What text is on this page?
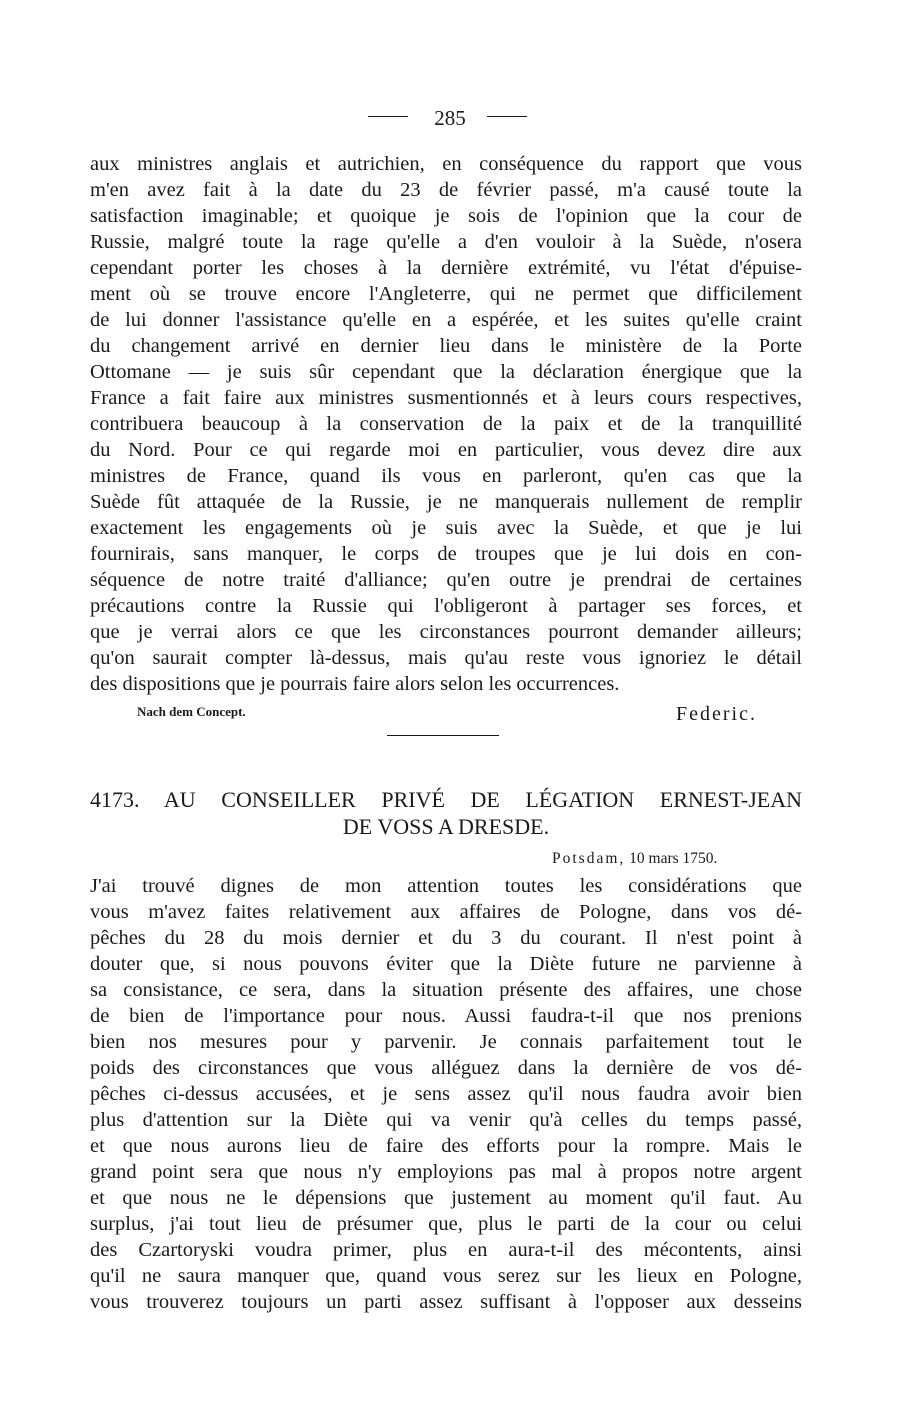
285
aux ministres anglais et autrichien, en conséquence du rapport que vous
m'en avez fait à la date du 23 de février passé, m'a causé toute la
satisfaction imaginable; et quoique je sois de l'opinion que la cour de
Russie, malgré toute la rage qu'elle a d'en vouloir à la Suède, n'osera
cependant porter les choses à la dernière extrémité, vu l'état d'épuise-
ment où se trouve encore l'Angleterre, qui ne permet que difficilement
de lui donner l'assistance qu'elle en a espérée, et les suites qu'elle craint
du changement arrivé en dernier lieu dans le ministère de la Porte
Ottomane — je suis sûr cependant que la déclaration énergique que la
France a fait faire aux ministres susmentionnés et à leurs cours respectives,
contribuera beaucoup à la conservation de la paix et de la tranquillité
du Nord. Pour ce qui regarde moi en particulier, vous devez dire aux
ministres de France, quand ils vous en parleront, qu'en cas que la
Suède fût attaquée de la Russie, je ne manquerais nullement de remplir
exactement les engagements où je suis avec la Suède, et que je lui
fournirais, sans manquer, le corps de troupes que je lui dois en con-
séquence de notre traité d'alliance; qu'en outre je prendrai de certaines
précautions contre la Russie qui l'obligeront à partager ses forces, et
que je verrai alors ce que les circonstances pourront demander ailleurs;
qu'on saurait compter là-dessus, mais qu'au reste vous ignoriez le détail
des dispositions que je pourrais faire alors selon les occurrences.
Nach dem Concept.	Federic.
4173. AU CONSEILLER PRIVÉ DE LÉGATION ERNEST-JEAN
DE VOSS A DRESDE.
Potsdam, 10 mars 1750.
J'ai trouvé dignes de mon attention toutes les considérations que
vous m'avez faites relativement aux affaires de Pologne, dans vos dé-
pêches du 28 du mois dernier et du 3 du courant. Il n'est point à
douter que, si nous pouvons éviter que la Diète future ne parvienne à
sa consistance, ce sera, dans la situation présente des affaires, une chose
de bien de l'importance pour nous. Aussi faudra-t-il que nos prenions
bien nos mesures pour y parvenir. Je connais parfaitement tout le
poids des circonstances que vous alléguez dans la dernière de vos dé-
pêches ci-dessus accusées, et je sens assez qu'il nous faudra avoir bien
plus d'attention sur la Diète qui va venir qu'à celles du temps passé,
et que nous aurons lieu de faire des efforts pour la rompre. Mais le
grand point sera que nous n'y employions pas mal à propos notre argent
et que nous ne le dépensions que justement au moment qu'il faut. Au
surplus, j'ai tout lieu de présumer que, plus le parti de la cour ou celui
des Czartoryski voudra primer, plus en aura-t-il des mécontents, ainsi
qu'il ne saura manquer que, quand vous serez sur les lieux en Pologne,
vous trouverez toujours un parti assez suffisant à l'opposer aux desseins
